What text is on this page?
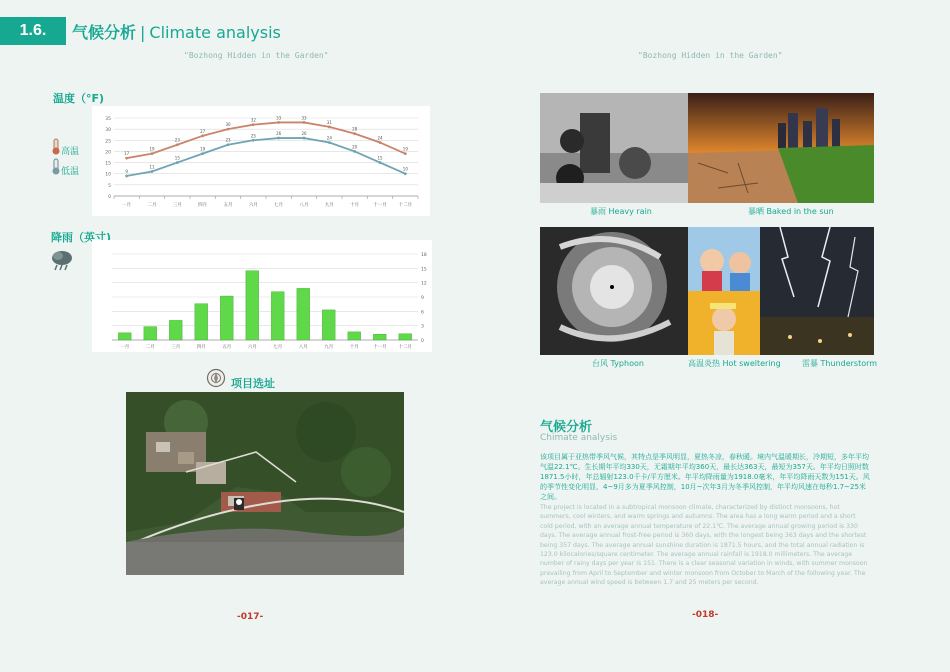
1.6.	气候分析 | Climate analysis
"Bozhong Hidden in the Garden"	"Bozhong Hidden in the Garden"
温度（°F)
高温
低温
0
5
10
15
20
25
30
35
一月	二月	三月	四月	五月	六月	七月	八月	九月	十月	十一月	十二月
17
19
23
27
30
32	33	33
31
28
24
19
9
11
15
19
23
25	26	26
24
20
15
10
降雨（英寸)
0
3
6
9
12
15
18
一月	二月	三月	四月	五月	六月	七月	八月	九月	十月	十一月	十二月
项目选址
暴雨 Heavy rain	暴晒 Baked in the sun
台风 Typhoon	高温炎热 Hot sweltering	雷暴 Thunderstorm
气候分析
Chimate analysis
该项目属于亚热带季风气候，其特点是季风明显，夏热冬凉，春秋暖。境内气温暖期长，冷期短，多年平均气温22.1℃。生长期年平均330天，无霜期年平均360天，最长达363天，最短为357天。年平均日照时数1871.5小时，年总辐射123.0千卡/平方厘米。年平均降雨量为1918.0毫米，年平均降雨天数为151天。风的季节性变化明显，4~9月多为夏季风控制，10月~次年3月为冬季风控制，年平均风速在每秒1.7~25米之间。
The project is located in a subtropical monsoon climate, characterized by distinct monsoons, hot summers, cool winters, and warm springs and autumns. The area has a long warm period and a short cold period, with an average annual temperature of 22.1℃. The average annual growing period is 330 days. The average annual frost-free period is 360 days, with the longest being 363 days and the shortest being 357 days. The average annual sunshine duration is 1871.5 hours, and the total annual radiation is 123.0 kilocalories/square centimeter. The average annual rainfall is 1918.0 millimeters. The average number of rainy days per year is 151. There is a clear seasonal variation in winds, with summer monsoon prevailing from April to September and winter monsoon from October to March of the following year. The average annual wind speed is between 1.7 and 25 meters per second.
-017-	-018-
